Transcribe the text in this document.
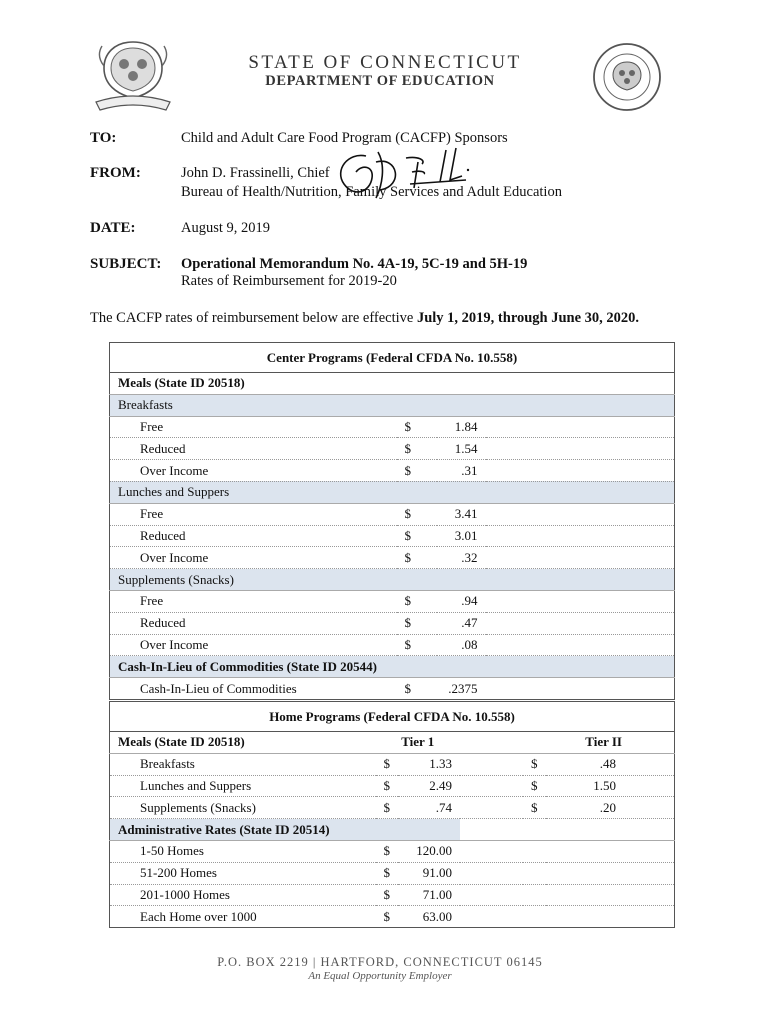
STATE OF CONNECTICUT
DEPARTMENT OF EDUCATION
TO:	Child and Adult Care Food Program (CACFP) Sponsors
FROM:	John D. Frassinelli, Chief
Bureau of Health/Nutrition, Family Services and Adult Education
DATE:	August 9, 2019
SUBJECT: Operational Memorandum No. 4A-19, 5C-19 and 5H-19
Rates of Reimbursement for 2019-20
The CACFP rates of reimbursement below are effective July 1, 2019, through June 30, 2020.
Center Programs (Federal CFDA No. 10.558)			
Meals (State ID 20518)			
Breakfasts			
Free	$	1.84	
Reduced	$	1.54	
Over Income	$	.31	
Lunches and Suppers			
Free	$	3.41	
Reduced	$	3.01	
Over Income	$	.32	
Supplements (Snacks)			
Free	$	.94	
Reduced	$	.47	
Over Income	$	.08	
Cash-In-Lieu of Commodities (State ID 20544)			
Cash-In-Lieu of Commodities	$	.2375	
Home Programs (Federal CFDA No. 10.558)					
Meals (State ID 20518)	Tier 1			Tier II	
Breakfasts	$	1.33		$	.48
Lunches and Suppers	$	2.49		$	1.50
Supplements (Snacks)	$	.74		$	.20
Administrative Rates (State ID 20514)					
1-50 Homes	$	120.00			
51-200 Homes	$	91.00			
201-1000 Homes	$	71.00			
Each Home over 1000	$	63.00			
P.O. BOX 2219 | HARTFORD, CONNECTICUT 06145
An Equal Opportunity Employer
